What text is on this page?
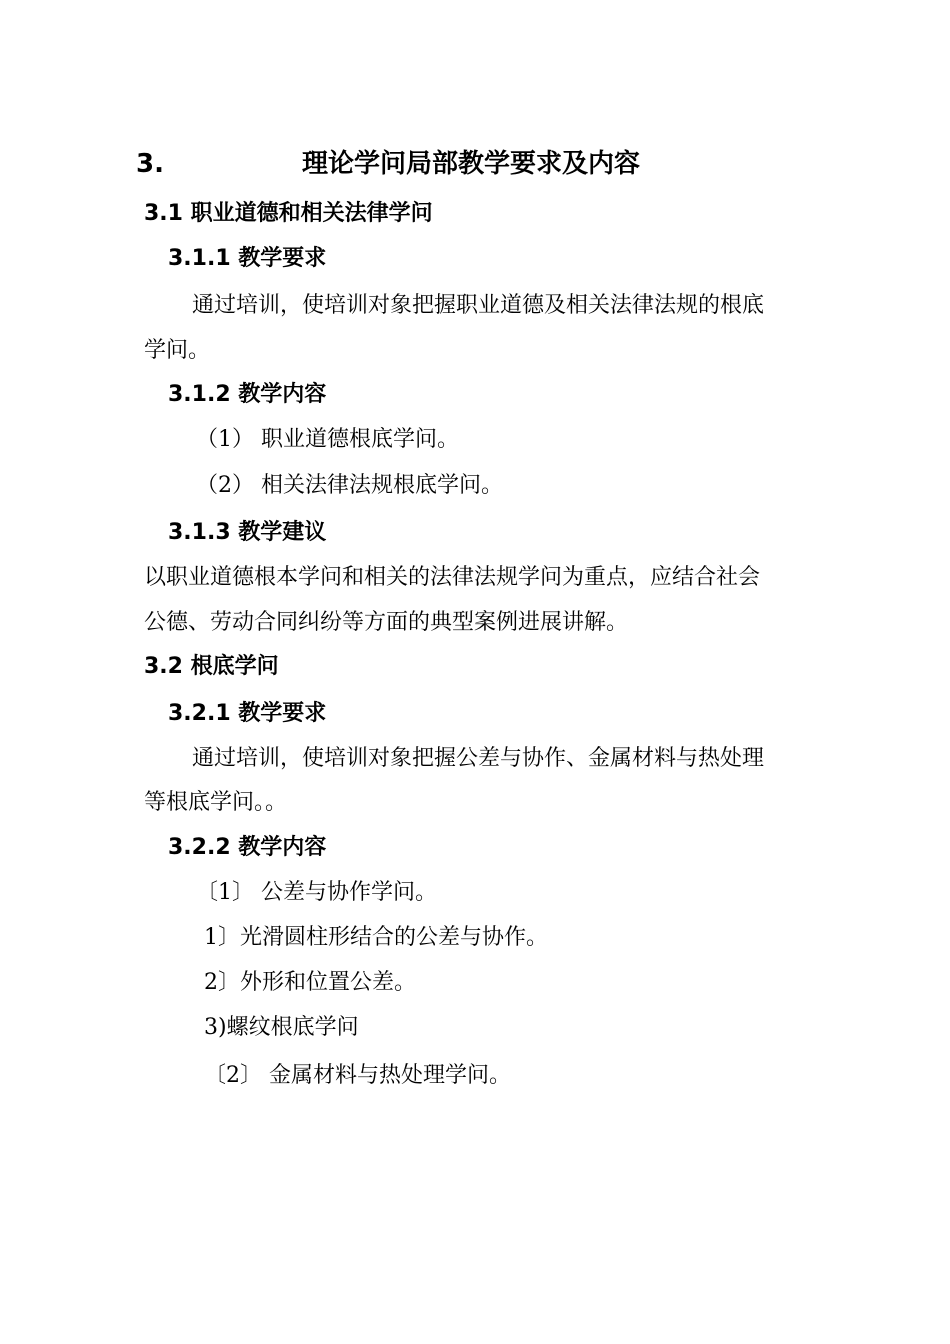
3.	理论学问局部教学要求及内容
3.1 职业道德和相关法律学问
3.1.1 教学要求
通过培训，使培训对象把握职业道德及相关法律法规的根底
学问。
3.1.2 教学内容
（1） 职业道德根底学问。
（2） 相关法律法规根底学问。
3.1.3 教学建议
以职业道德根本学问和相关的法律法规学问为重点，应结合社会
公德、劳动合同纠纷等方面的典型案例进展讲解。
3.2 根底学问
3.2.1 教学要求
通过培训，使培训对象把握公差与协作、金属材料与热处理
等根底学问。。
3.2.2 教学内容
〔1〕 公差与协作学问。
1〕光滑圆柱形结合的公差与协作。
2〕外形和位置公差。
3)螺纹根底学问
〔2〕 金属材料与热处理学问。
